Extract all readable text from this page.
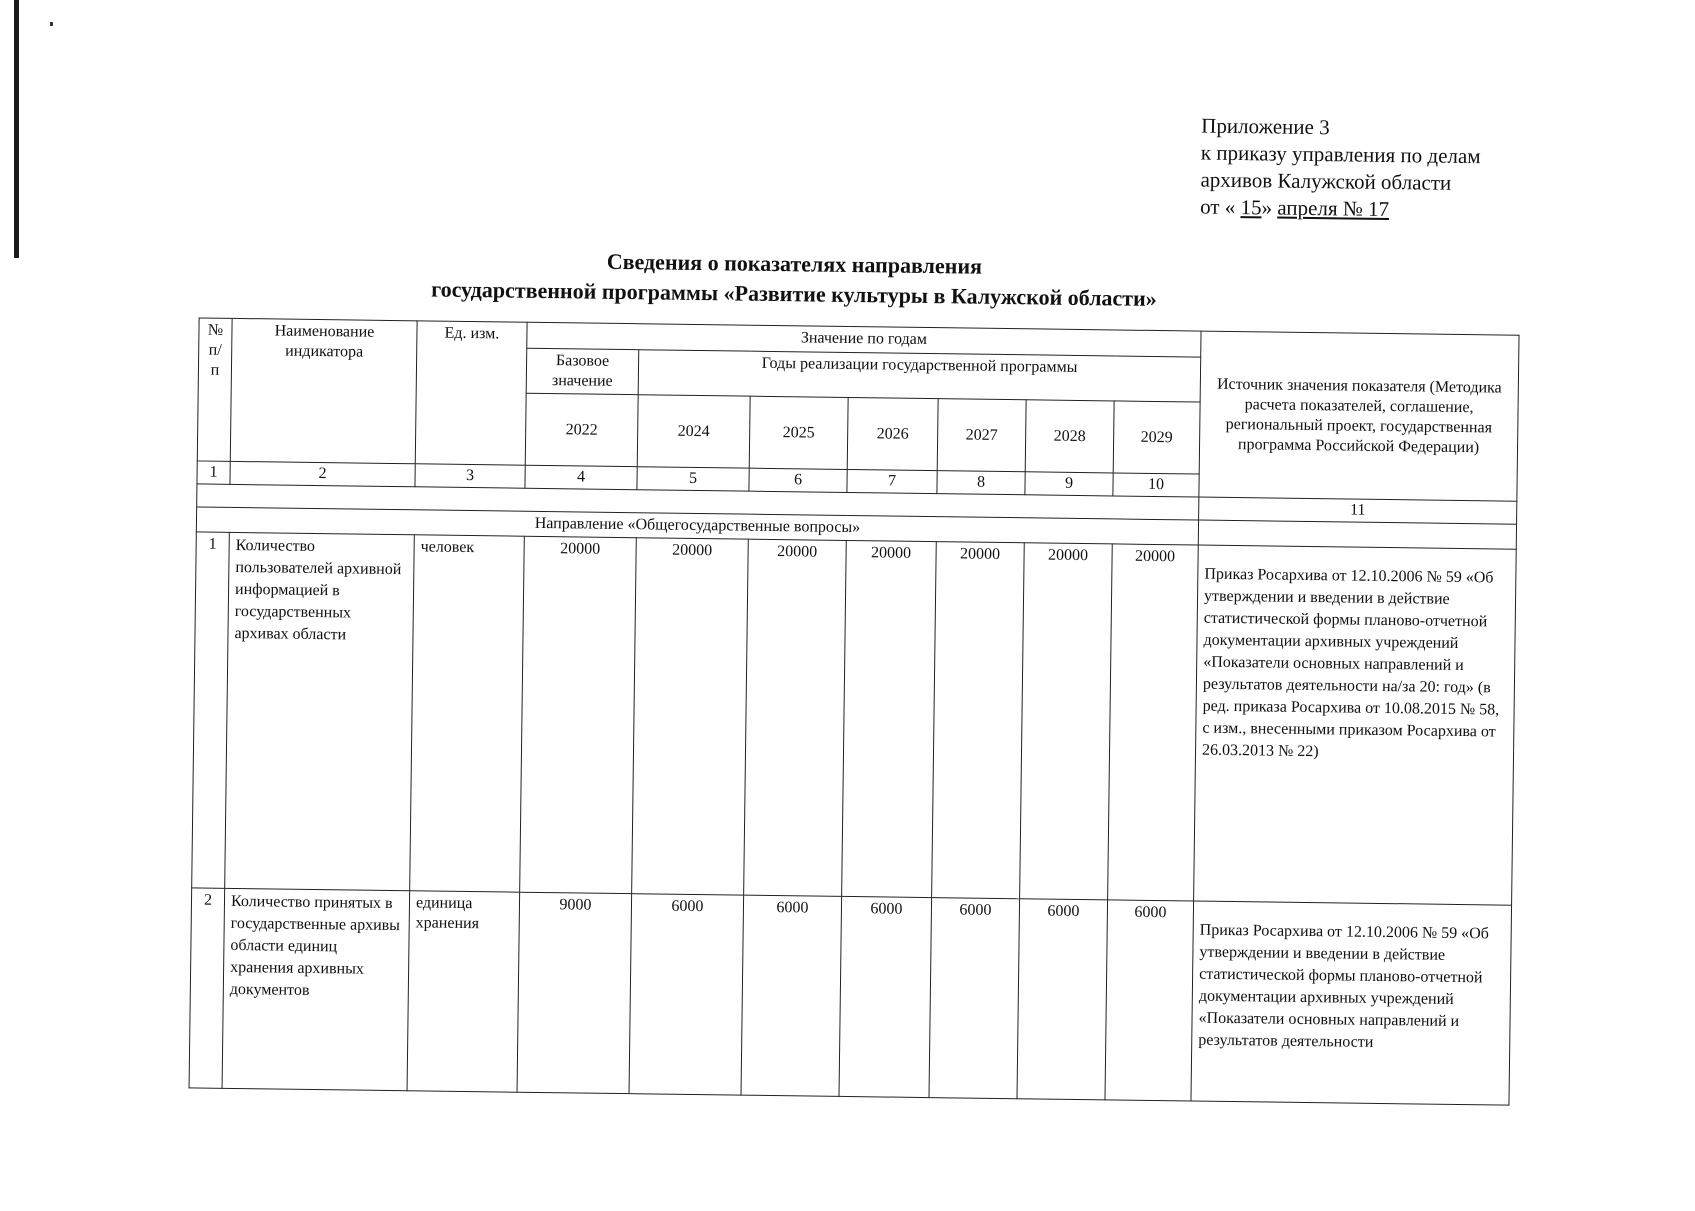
Приложение 3
к приказу управления по делам
архивов Калужской области
от « 15» апреля № 17
Сведения о показателях направления
государственной программы «Развитие культуры в Калужской области»
№ п/п	Наименование индикатора	Ед. изм.	Значение по годам							Источник значения показателя (Методика расчета показателей, соглашение, региональный проект, государственная программа Российской Федерации)
			Базовое значение	Годы реализации государственной программы						
			2022	2024	2025	2026	2027	2028	2029	
1	2	3	4	5	6	7	8	9	10	
										11
Направление «Общегосударственные вопросы»										
1	Количество пользователей архивной информацией в государственных архивах области	человек	20000	20000	20000	20000	20000	20000	20000	Приказ Росархива от 12.10.2006 № 59 «Об утверждении и введении в действие статистической формы планово-отчетной документации архивных учреждений «Показатели основных направлений и результатов деятельности на/за 20: год» (в ред. приказа Росархива от 10.08.2015 № 58, с изм., внесенными приказом Росархива от 26.03.2013 № 22)
2	Количество принятых в государственные архивы области единиц хранения архивных документов	единица хранения	9000	6000	6000	6000	6000	6000	6000	Приказ Росархива от 12.10.2006 № 59 «Об утверждении и введении в действие статистической формы планово-отчетной документации архивных учреждений «Показатели основных направлений и результатов деятельности
